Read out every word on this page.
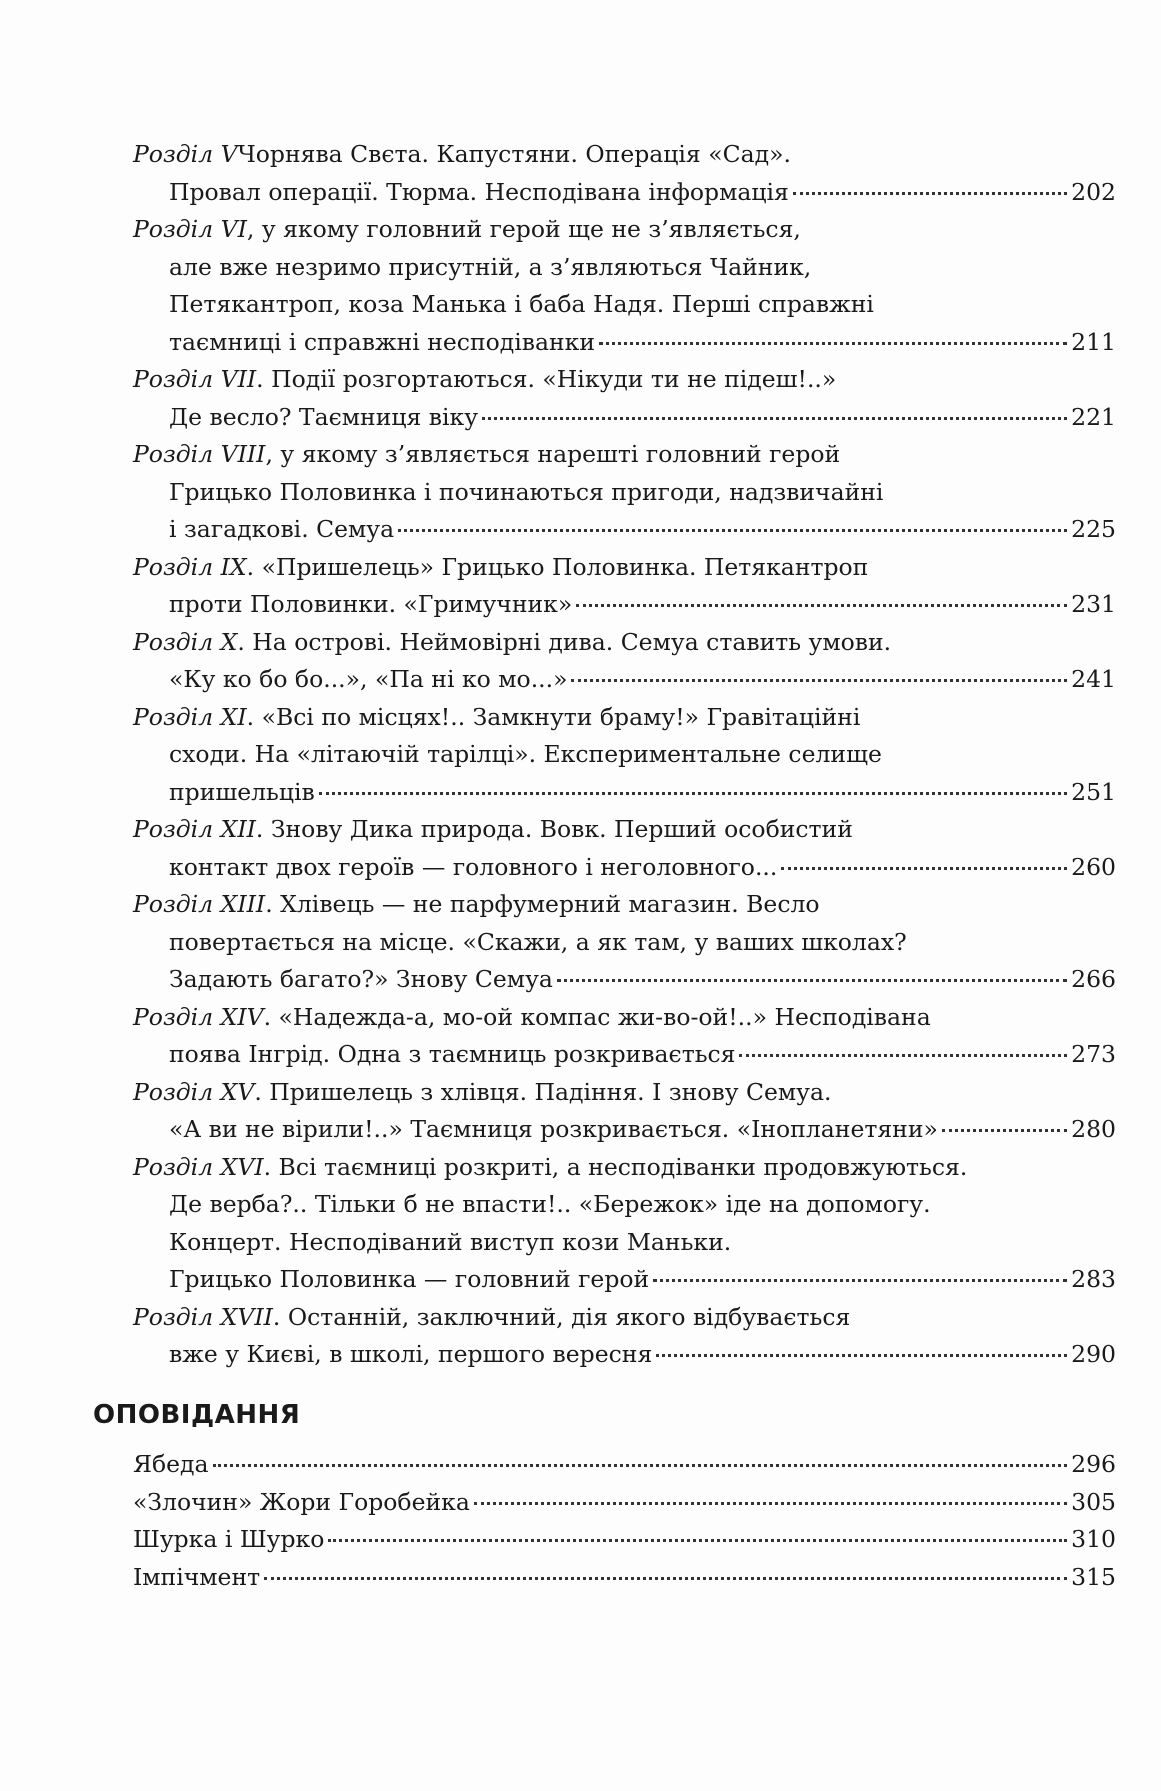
Розділ V Чорнява Свєта. Капустяни. Операція «Сад».
Провал операції. Тюрма. Несподівана інформація	202
Розділ VI , у якому головний герой ще не з’являється,
але вже незримо присутній, а з’являються Чайник,
Петякантроп, коза Манька і баба Надя. Перші справжні
таємниці і справжні несподіванки	211
Розділ VII . Події розгортаються. «Нікуди ти не підеш!..»
Де весло? Таємниця віку	221
Розділ VIII , у якому з’являється нарешті головний герой
Грицько Половинка і починаються пригоди, надзвичайні
і загадкові. Семуа	225
Розділ IX . «Пришелець» Грицько Половинка. Петякантроп
проти Половинки. «Гримучник»	231
Розділ X . На острові. Неймовірні дива. Семуа ставить умови.
«Ку ко бо бо...», «Па ні ко мо...»	241
Розділ XI . «Всі по місцях!.. Замкнути браму!» Гравітаційні
сходи. На «літаючій тарілці». Експериментальне селище
пришельців	251
Розділ XII . Знову Дика природа. Вовк. Перший особистий
контакт двох героїв — головного і неголовного...	260
Розділ XIII . Хлівець — не парфумерний магазин. Весло
повертається на місце. «Скажи, а як там, у ваших школах?
Задають багато?» Знову Семуа	266
Розділ XIV . «Надежда-а, мо-ой компас жи-во-ой!..» Несподівана
поява Інгрід. Одна з таємниць розкривається	273
Розділ XV . Пришелець з хлівця. Падіння. І знову Семуа.
«А ви не вірили!..» Таємниця розкривається. «Інопланетяни»	280
Розділ XVI . Всі таємниці розкриті, а несподіванки продовжуються.
Де верба?.. Тільки б не впасти!.. «Бережок» іде на допомогу.
Концерт. Несподіваний виступ кози Маньки.
Грицько Половинка — головний герой	283
Розділ XVII . Останній, заключний, дія якого відбувається
вже у Києві, в школі, першого вересня	290
ОПОВІДАННЯ
Ябеда	296
«Злочин» Жори Горобейка	305
Шурка і Шурко	310
Імпічмент	315
